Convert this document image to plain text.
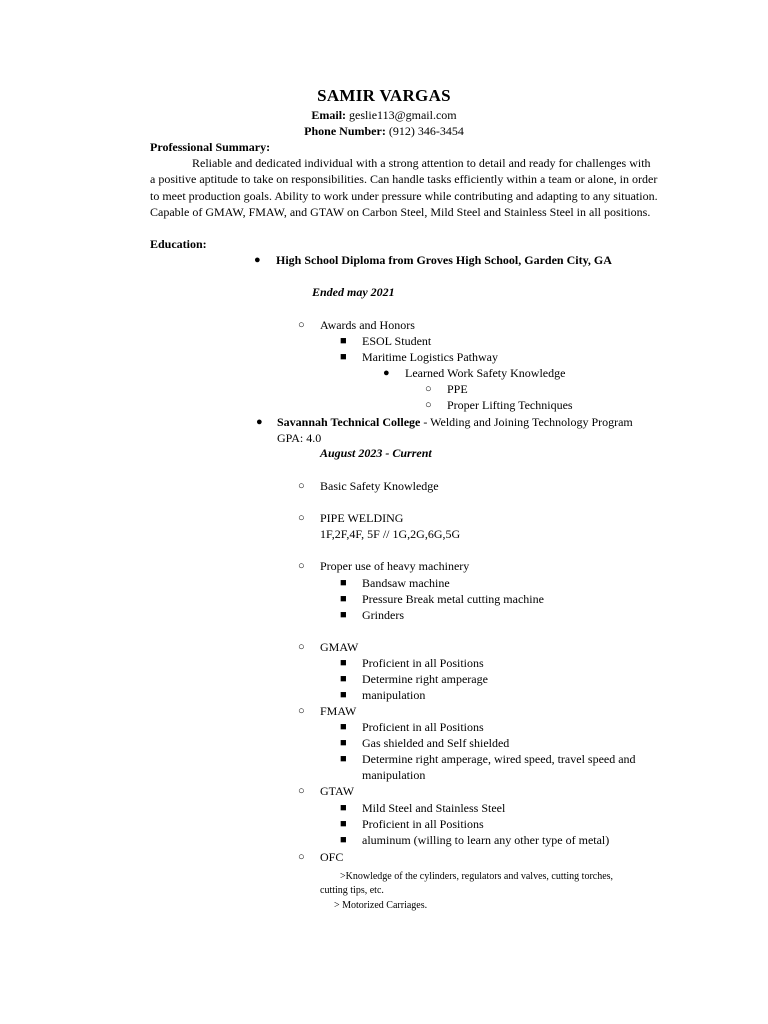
SAMIR VARGAS
Email: geslie113@gmail.com
Phone Number: (912) 346-3454
Professional Summary:
Reliable and dedicated individual with a strong attention to detail and ready for challenges with
a positive aptitude to take on responsibilities. Can handle tasks efficiently within a team or alone, in order
to meet production goals. Ability to work under pressure while contributing and adapting to any situation.
Capable of GMAW, FMAW, and GTAW on Carbon Steel, Mild Steel and Stainless Steel in all positions.
Education:
● High School Diploma from Groves High School, Garden City, GA
Ended may 2021
○ Awards and Honors
■ ESOL Student
■ Maritime Logistics Pathway
● Learned Work Safety Knowledge
○ PPE
○ Proper Lifting Techniques
● Savannah Technical College - Welding and Joining Technology Program
GPA: 4.0
August 2023 - Current
○ Basic Safety Knowledge
○ PIPE WELDING
1F,2F,4F, 5F // 1G,2G,6G,5G
○ Proper use of heavy machinery
■ Bandsaw machine
■ Pressure Break metal cutting machine
■ Grinders
○ GMAW
■ Proficient in all Positions
■ Determine right amperage
■ manipulation
○ FMAW
■ Proficient in all Positions
■ Gas shielded and Self shielded
■ Determine right amperage, wired speed, travel speed and
manipulation
○ GTAW
■ Mild Steel and Stainless Steel
■ Proficient in all Positions
■ aluminum (willing to learn any other type of metal)
○ OFC
>Knowledge of the cylinders, regulators and valves, cutting torches,
cutting tips, etc.
> Motorized Carriages.
